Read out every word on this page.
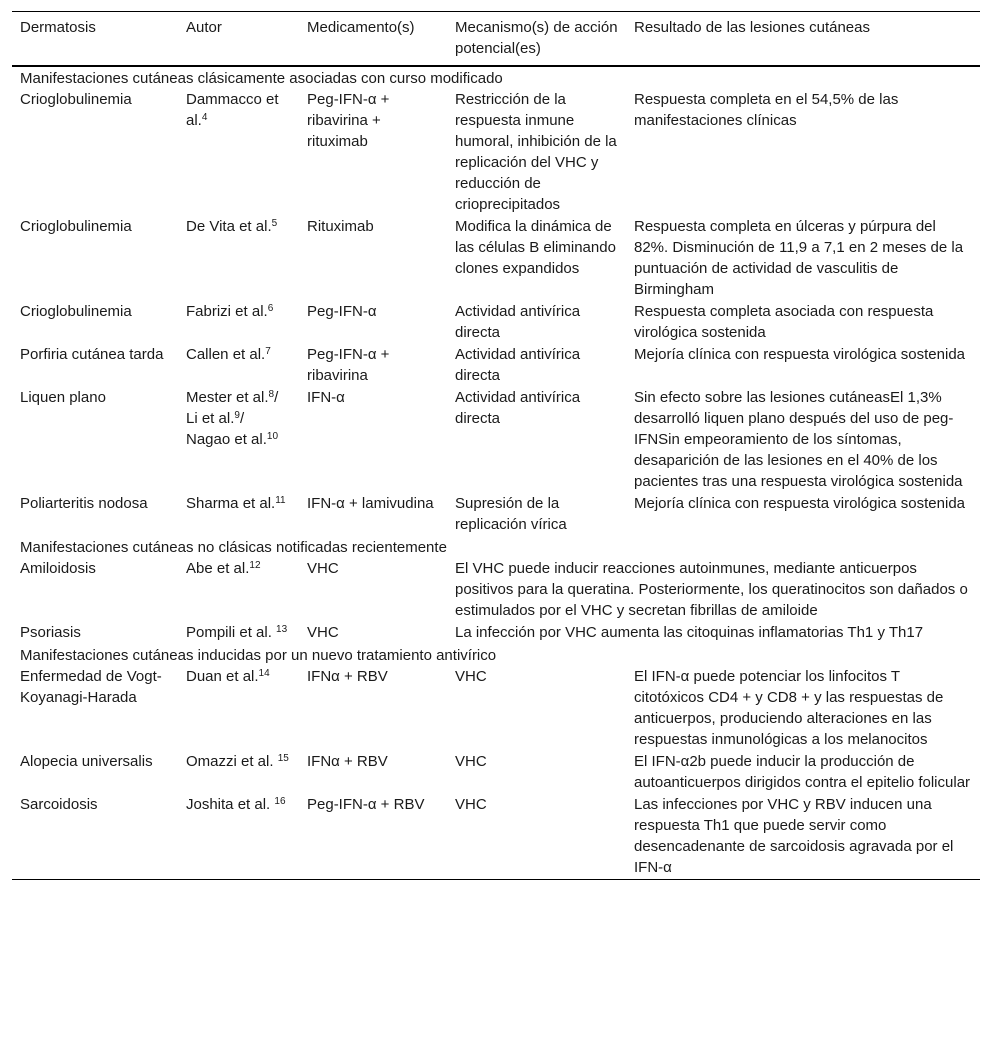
Dermatosis	Autor	Medicamento(s)	Mecanismo(s) de acción potencial(es)	Resultado de las lesiones cutáneas
Manifestaciones cutáneas clásicamente asociadas con curso modificado				
Crioglobulinemia	Dammacco et al.$^4$	Peg-IFN-α + ribavirina + rituximab	Restricción de la respuesta inmune humoral, inhibición de la replicación del VHC y reducción de crioprecipitados	Respuesta completa en el 54,5% de las manifestaciones clínicas
Crioglobulinemia	De Vita et al.$^5$	Rituximab	Modifica la dinámica de las células B eliminando clones expandidos	Respuesta completa en úlceras y púrpura del 82%. Disminución de 11,9 a 7,1 en 2 meses de la puntuación de actividad de vasculitis de Birmingham
Crioglobulinemia	Fabrizi et al.$^6$	Peg-IFN-α	Actividad antivírica directa	Respuesta completa asociada con respuesta virológica sostenida
Porfiria cutánea tarda	Callen et al.$^7$	Peg-IFN-α + ribavirina	Actividad antivírica directa	Mejoría clínica con respuesta virológica sostenida
Liquen plano	Mester et al.$^8$/ Li et al.$^9$/ Nagao et al.$^{10}$	IFN-α	Actividad antivírica directa	Sin efecto sobre las lesiones cutáneasEl 1,3% desarrolló liquen plano después del uso de peg-IFNSin empeoramiento de los síntomas, desaparición de las lesiones en el 40% de los pacientes tras una respuesta virológica sostenida
Poliarteritis nodosa	Sharma et al.$^{11}$	IFN-α + lamivudina	Supresión de la replicación vírica	Mejoría clínica con respuesta virológica sostenida
Manifestaciones cutáneas no clásicas notificadas recientemente				
Amiloidosis	Abe et al.$^{12}$	VHC	El VHC puede inducir reacciones autoinmunes, mediante anticuerpos positivos para la queratina. Posteriormente, los queratinocitos son dañados o estimulados por el VHC y secretan fibrillas de amiloide	
Psoriasis	Pompili et al. $^{13}$	VHC	La infección por VHC aumenta las citoquinas inflamatorias Th1 y Th17	
Manifestaciones cutáneas inducidas por un nuevo tratamiento antivírico				
Enfermedad de Vogt-Koyanagi-Harada	Duan et al.$^{14}$	IFNα + RBV	VHC	El IFN-α puede potenciar los linfocitos T citotóxicos CD4 + y CD8 + y las respuestas de anticuerpos, produciendo alteraciones en las respuestas inmunológicas a los melanocitos
Alopecia universalis	Omazzi et al. $^{15}$	IFNα + RBV	VHC	El IFN-α2b puede inducir la producción de autoanticuerpos dirigidos contra el epitelio folicular
Sarcoidosis	Joshita et al. $^{16}$	Peg-IFN-α + RBV	VHC	Las infecciones por VHC y RBV inducen una respuesta Th1 que puede servir como desencadenante de sarcoidosis agravada por el IFN-α
